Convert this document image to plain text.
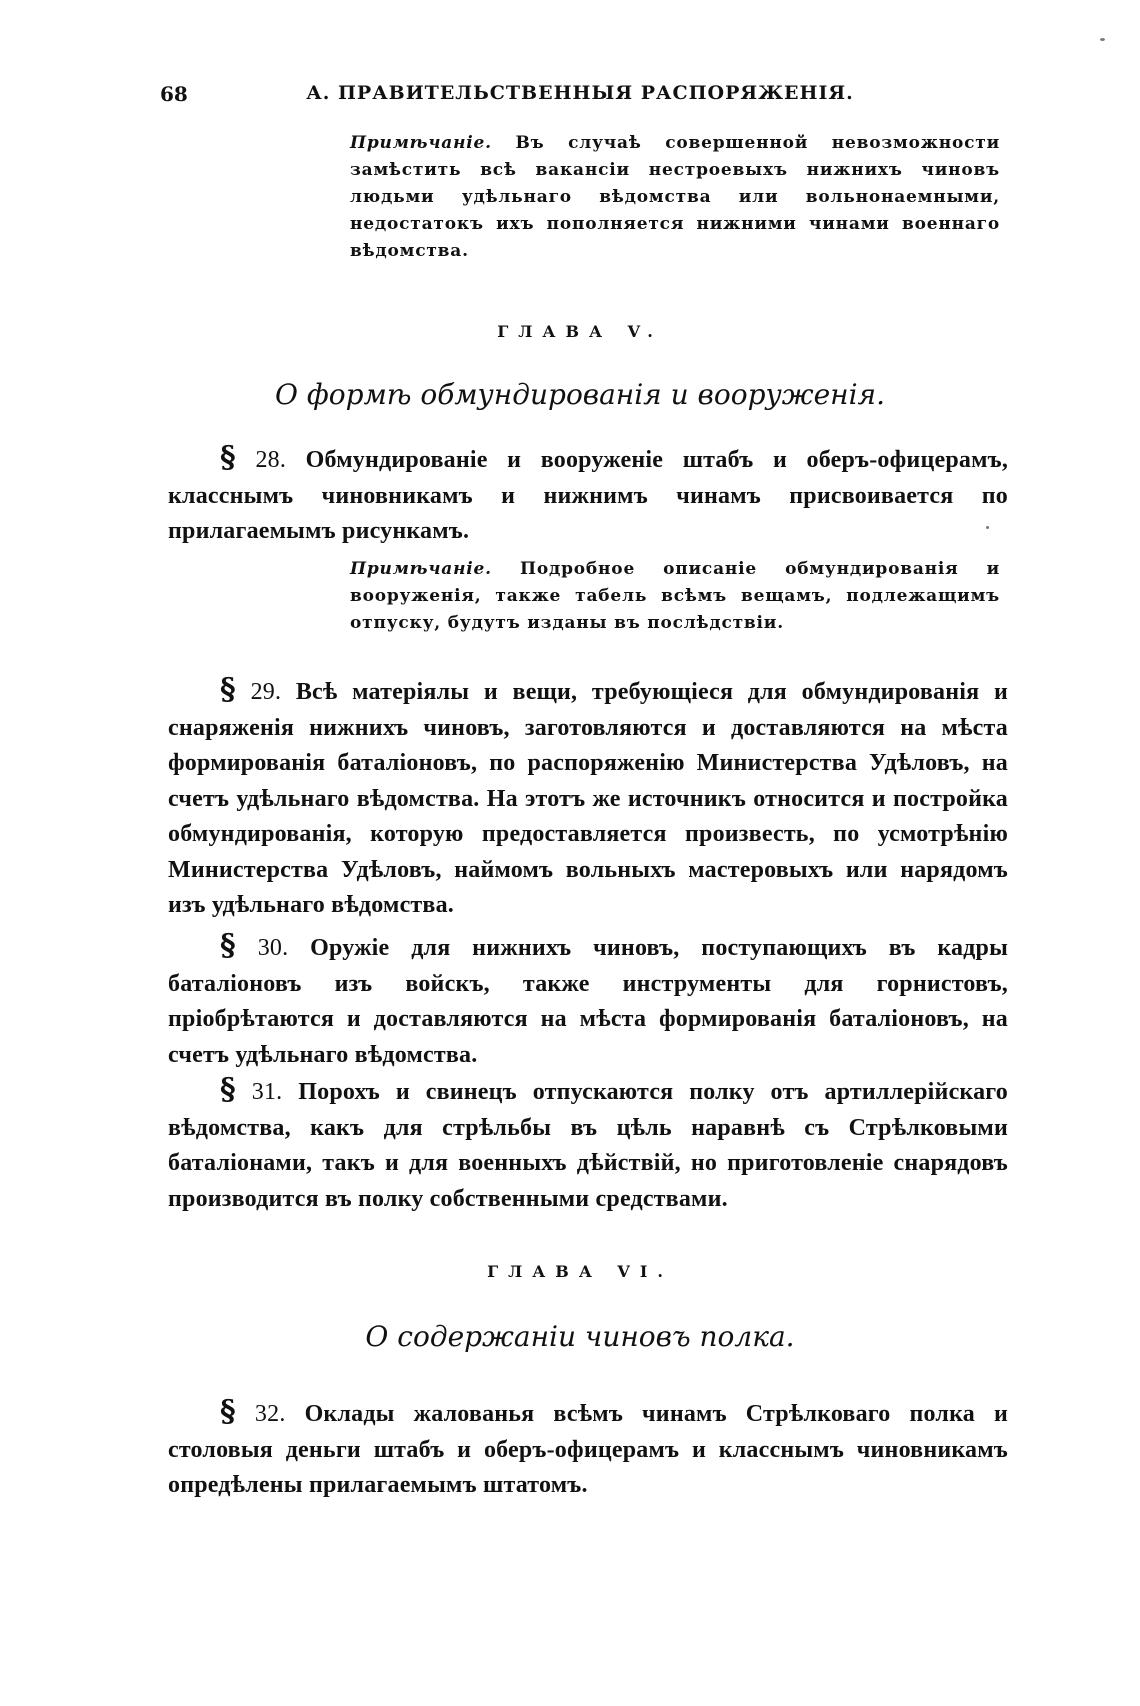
68	А. ПРАВИТЕЛЬСТВЕННЫЯ РАСПОРЯЖЕНІЯ.
Примѣчаніе. Въ случаѣ совершенной невозможности замѣстить всѣ вакансіи нестроевыхъ нижнихъ чиновъ людьми удѣльнаго вѣдомства или вольнонаемными, недостатокъ ихъ пополняется нижними чинами военнаго вѣдомства.
ГЛАВА V.
О формѣ обмундированія и вооруженія.

§ 28. Обмундированіе и вооруженіе штабъ и оберъ-офицерамъ, класснымъ чиновникамъ и нижнимъ чинамъ присвоивается по прилагаемымъ рисункамъ.

Примѣчаніе. Подробное описаніе обмундированія и вооруженія, также табель всѣмъ вещамъ, подлежащимъ отпуску, будутъ изданы въ послѣдствіи.

§ 29. Всѣ матеріялы и вещи, требующіеся для обмундированія и снаряженія нижнихъ чиновъ, заготовляются и доставляются на мѣста формированія баталіоновъ, по распоряженію Министерства Удѣловъ, на счетъ удѣльнаго вѣдомства. На этотъ же источникъ относится и постройка обмундированія, которую предоставляется произвесть, по усмотрѣнію Министерства Удѣловъ, наймомъ вольныхъ мастеровыхъ или нарядомъ изъ удѣльнаго вѣдомства.

§ 30. Оружіе для нижнихъ чиновъ, поступающихъ въ кадры баталіоновъ изъ войскъ, также инструменты для горнистовъ, пріобрѣтаются и доставляются на мѣста формированія баталіоновъ, на счетъ удѣльнаго вѣдомства.

§ 31. Порохъ и свинецъ отпускаются полку отъ артиллерійскаго вѣдомства, какъ для стрѣльбы въ цѣль наравнѣ съ Стрѣлковыми баталіонами, такъ и для военныхъ дѣйствій, но приготовленіе снарядовъ производится въ полку собственными средствами.

ГЛАВА VI.
О содержаніи чиновъ полка.

§ 32. Оклады жалованья всѣмъ чинамъ Стрѣлковаго полка и столовыя деньги штабъ и оберъ-офицерамъ и класснымъ чиновникамъ опредѣлены прилагаемымъ штатомъ.
